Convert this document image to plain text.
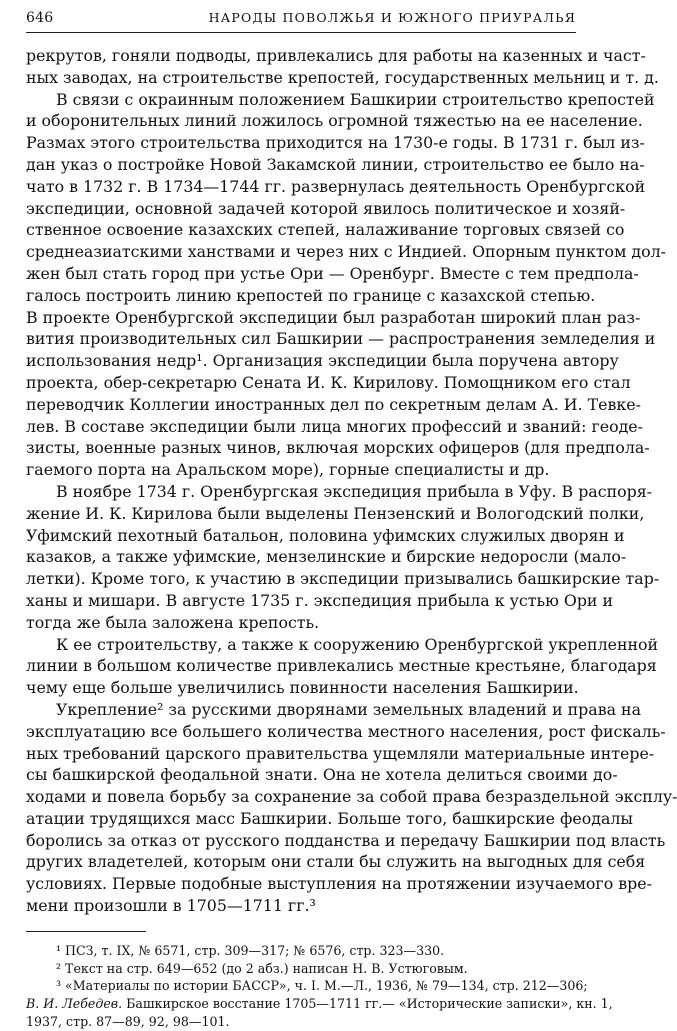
646	НАРОДЫ ПОВОЛЖЬЯ И ЮЖНОГО ПРИУРАЛЬЯ
рекрутов, гоняли подводы, привлекались для работы на казенных и част-
ных заводах, на строительстве крепостей, государственных мельниц и т. д.
В связи с окраинным положением Башкирии строительство крепостей
и оборонительных линий ложилось огромной тяжестью на ее население.
Размах этого строительства приходится на 1730-е годы. В 1731 г. был из-
дан указ о постройке Новой Закамской линии, строительство ее было на-
чато в 1732 г. В 1734—1744 гг. развернулась деятельность Оренбургской
экспедиции, основной задачей которой явилось политическое и хозяй-
ственное освоение казахских степей, налаживание торговых связей со
среднеазиатскими ханствами и через них с Индией. Опорным пунктом дол-
жен был стать город при устье Ори — Оренбург. Вместе с тем предпола-
галось построить линию крепостей по границе с казахской степью.
В проекте Оренбургской экспедиции был разработан широкий план раз-
вития производительных сил Башкирии — распространения земледелия и
использования недр¹. Организация экспедиции была поручена автору
проекта, обер-секретарю Сената И. К. Кирилову. Помощником его стал
переводчик Коллегии иностранных дел по секретным делам А. И. Тевке-
лев. В составе экспедиции были лица многих профессий и званий: геоде-
зисты, военные разных чинов, включая морских офицеров (для предпола-
гаемого порта на Аральском море), горные специалисты и др.
В ноябре 1734 г. Оренбургская экспедиция прибыла в Уфу. В распоря-
жение И. К. Кирилова были выделены Пензенский и Вологодский полки,
Уфимский пехотный батальон, половина уфимских служилых дворян и
казаков, а также уфимские, мензелинские и бирские недоросли (мало-
летки). Кроме того, к участию в экспедиции призывались башкирские тар-
ханы и мишари. В августе 1735 г. экспедиция прибыла к устью Ори и
тогда же была заложена крепость.
К ее строительству, а также к сооружению Оренбургской укрепленной
линии в большом количестве привлекались местные крестьяне, благодаря
чему еще больше увеличились повинности населения Башкирии.
Укрепление² за русскими дворянами земельных владений и права на
эксплуатацию все большего количества местного населения, рост фискаль-
ных требований царского правительства ущемляли материальные интере-
сы башкирской феодальной знати. Она не хотела делиться своими до-
ходами и повела борьбу за сохранение за собой права безраздельной эксплу-
атации трудящихся масс Башкирии. Больше того, башкирские феодалы
боролись за отказ от русского подданства и передачу Башкирии под власть
других владетелей, которым они стали бы служить на выгодных для себя
условиях. Первые подобные выступления на протяжении изучаемого вре-
мени произошли в 1705—1711 гг.³
¹ ПСЗ, т. IX, № 6571, стр. 309—317; № 6576, стр. 323—330.
² Текст на стр. 649—652 (до 2 абз.) написан Н. В. Устюговым.
³ «Материалы по истории БАССР», ч. I. М.—Л., 1936, № 79—134, стр. 212—306;
В. И. Лебедев. Башкирское восстание 1705—1711 гг.— «Исторические записки», кн. 1,
1937, стр. 87—89, 92, 98—101.
